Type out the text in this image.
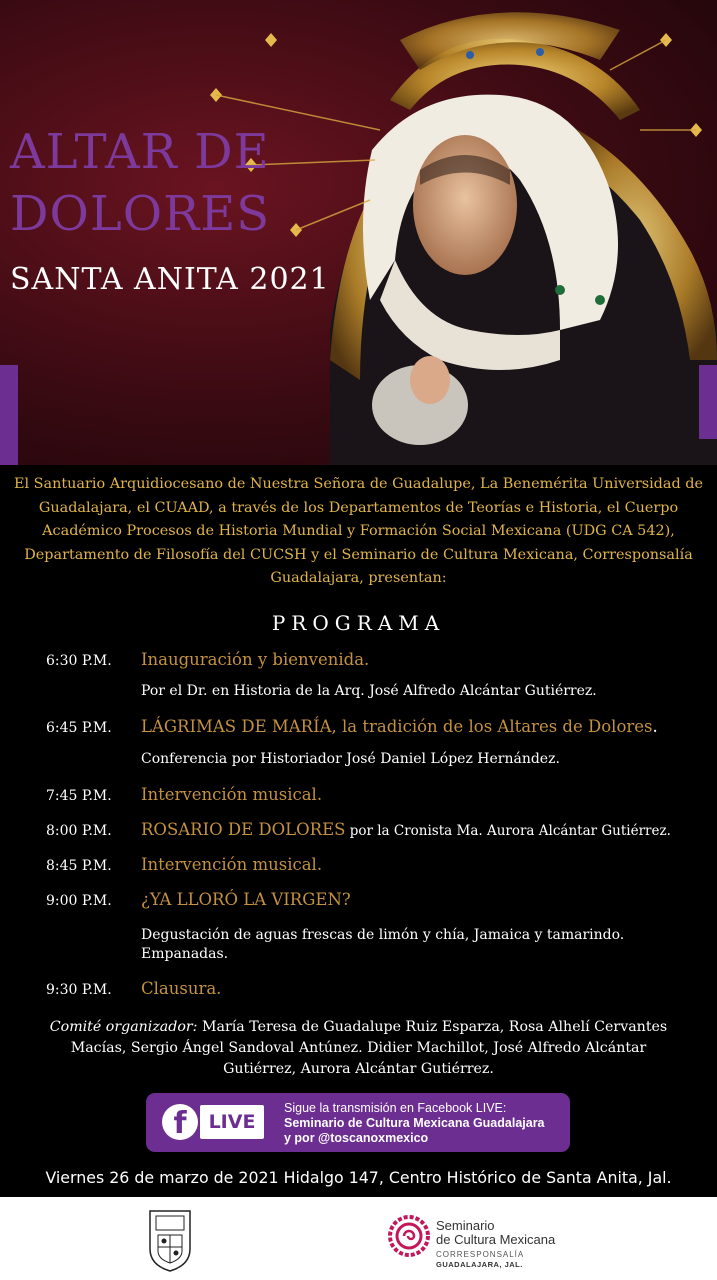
ALTAR DE
DOLORES
SANTA ANITA 2021

El Santuario Arquidiocesano de Nuestra Señora de Guadalupe, La Benemérita Universidad de Guadalajara, el CUAAD, a través de los Departamentos de Teorías e Historia, el Cuerpo Académico Procesos de Historia Mundial y Formación Social Mexicana (UDG CA 542), Departamento de Filosofía del CUCSH y el Seminario de Cultura Mexicana, Corresponsalía Guadalajara, presentan:

PROGRAMA
6:30 P.M. Inauguración y bienvenida.
Por el Dr. en Historia de la Arq. José Alfredo Alcántar Gutiérrez.
6:45 P.M. LÁGRIMAS DE MARÍA, la tradición de los Altares de Dolores.
Conferencia por Historiador José Daniel López Hernández.
7:45 P.M. Intervención musical.
8:00 P.M. ROSARIO DE DOLORES por la Cronista Ma. Aurora Alcántar Gutiérrez.
8:45 P.M. Intervención musical.
9:00 P.M. ¿YA LLORÓ LA VIRGEN?
Degustación de aguas frescas de limón y chía, Jamaica y tamarindo. Empanadas.
9:30 P.M. Clausura.

Comité organizador: María Teresa de Guadalupe Ruiz Esparza, Rosa Alhelí Cervantes Macías, Sergio Ángel Sandoval Antúnez. Didier Machillot, José Alfredo Alcántar Gutiérrez, Aurora Alcántar Gutiérrez.

f	LIVE
Sigue la transmisión en Facebook LIVE:
Seminario de Cultura Mexicana Guadalajara
y por @toscanoxmexico
Viernes 26 de marzo de 2021 Hidalgo 147, Centro Histórico de Santa Anita, Jal.
Seminario
de Cultura Mexicana
CORRESPONSALÍA
GUADALAJARA, JAL.
